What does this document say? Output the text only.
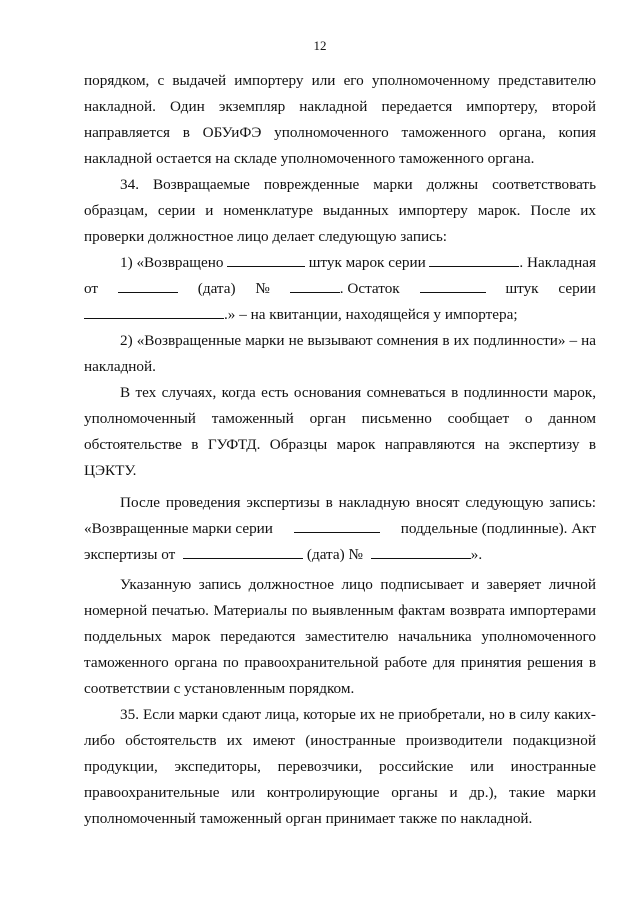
12
порядком, с выдачей импортеру или его уполномоченному представителю
накладной. Один экземпляр накладной передается импортеру, второй
направляется в ОБУиФЭ уполномоченного таможенного органа, копия
накладной остается на складе уполномоченного таможенного органа.
34. Возвращаемые поврежденные марки должны соответствовать
образцам, серии и номенклатуре выданных импортеру марок. После их
проверки должностное лицо делает следующую запись:
1) «Возвращено	штук марок серии	. Накладная
от	(дата) №	. Остаток	штук серии
.» – на квитанции, находящейся у импортера;
2) «Возвращенные марки не вызывают сомнения в их подлинности» – на
накладной.
В тех случаях, когда есть основания сомневаться в подлинности марок,
уполномоченный таможенный орган письменно сообщает о данном
обстоятельстве в ГУФТД. Образцы марок направляются на экспертизу в
ЦЭКТУ.
После проведения экспертизы в накладную вносят следующую запись:
«Возвращенные марки серии	поддельные (подлинные). Акт
экспертизы от	(дата) №	».
Указанную запись должностное лицо подписывает и заверяет личной
номерной печатью. Материалы по выявленным фактам возврата импортерами
поддельных марок передаются заместителю начальника уполномоченного
таможенного органа по правоохранительной работе для принятия решения в
соответствии с установленным порядком.
35. Если марки сдают лица, которые их не приобретали, но в силу каких-
либо обстоятельств их имеют (иностранные производители подакцизной
продукции, экспедиторы, перевозчики, российские или иностранные
правоохранительные или контролирующие органы и др.), такие марки
уполномоченный таможенный орган принимает также по накладной.
